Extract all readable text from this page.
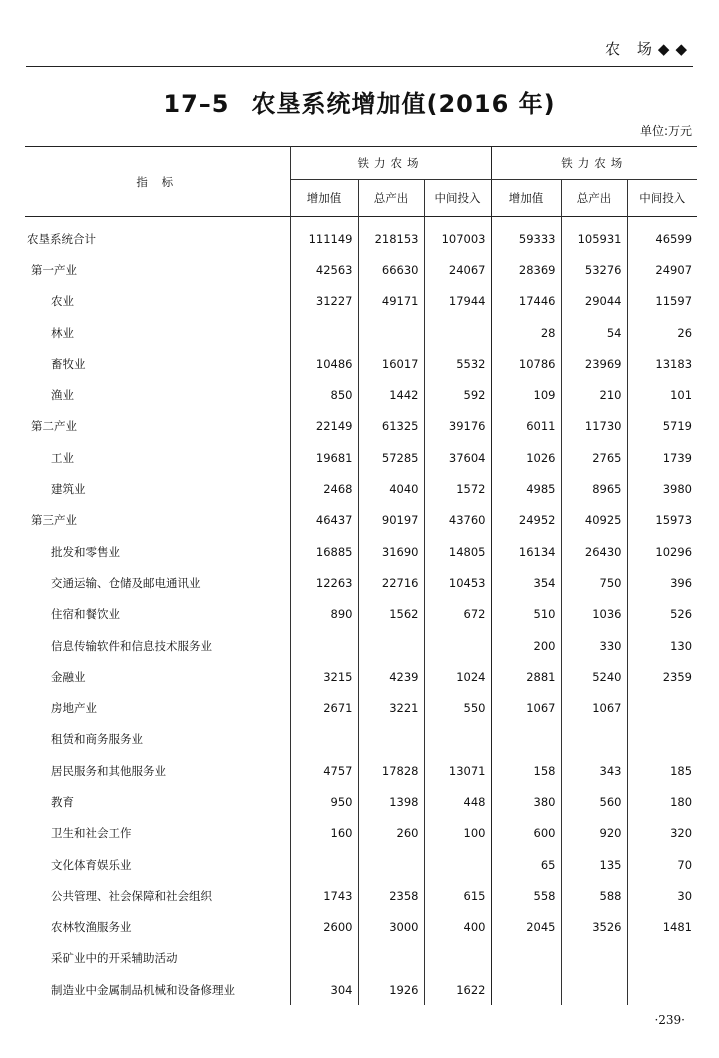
农 场◆◆
17–5 农垦系统增加值(2016 年)
单位:万元
指 标	铁力农场			铁力农场		
	增加值	总产出	中间投入	增加值	总产出	中间投入
农垦系统合计	111149	218153	107003	59333	105931	46599
第一产业	42563	66630	24067	28369	53276	24907
农业	31227	49171	17944	17446	29044	11597
林业				28	54	26
畜牧业	10486	16017	5532	10786	23969	13183
渔业	850	1442	592	109	210	101
第二产业	22149	61325	39176	6011	11730	5719
工业	19681	57285	37604	1026	2765	1739
建筑业	2468	4040	1572	4985	8965	3980
第三产业	46437	90197	43760	24952	40925	15973
批发和零售业	16885	31690	14805	16134	26430	10296
交通运输、仓储及邮电通讯业	12263	22716	10453	354	750	396
住宿和餐饮业	890	1562	672	510	1036	526
信息传输软件和信息技术服务业				200	330	130
金融业	3215	4239	1024	2881	5240	2359
房地产业	2671	3221	550	1067	1067	
租赁和商务服务业						
居民服务和其他服务业	4757	17828	13071	158	343	185
教育	950	1398	448	380	560	180
卫生和社会工作	160	260	100	600	920	320
文化体育娱乐业				65	135	70
公共管理、社会保障和社会组织	1743	2358	615	558	588	30
农林牧渔服务业	2600	3000	400	2045	3526	1481
采矿业中的开采辅助活动						
制造业中金属制品机械和设备修理业	304	1926	1622			
·239·
